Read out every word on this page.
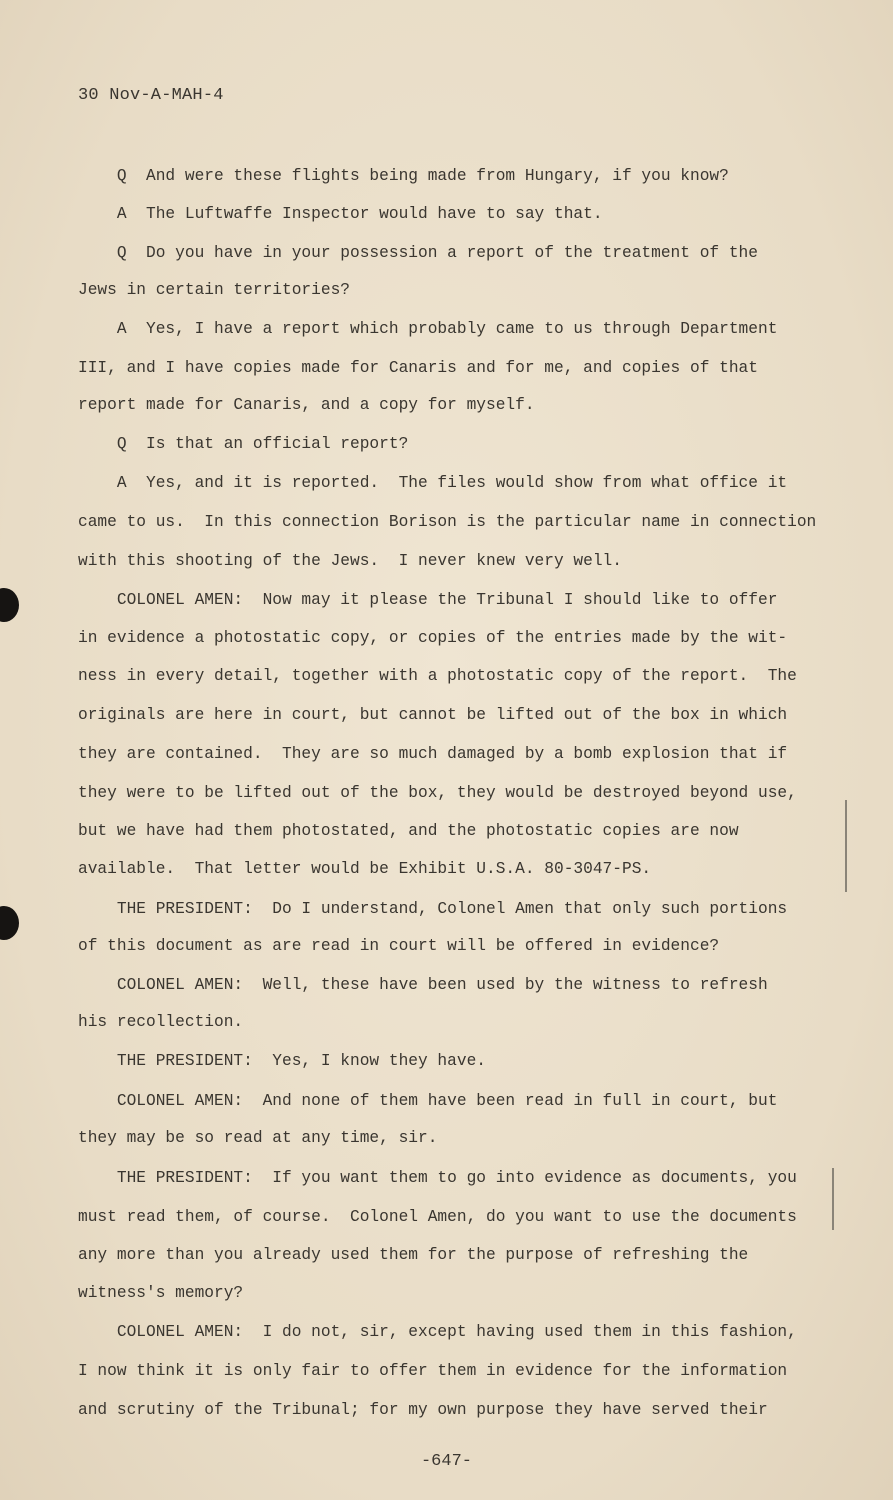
30 Nov-A-MAH-4
Q  And were these flights being made from Hungary, if you know?
A  The Luftwaffe Inspector would have to say that.
Q  Do you have in your possession a report of the treatment of the
Jews in certain territories?
A  Yes, I have a report which probably came to us through Department
III, and I have copies made for Canaris and for me, and copies of that
report made for Canaris, and a copy for myself.
Q  Is that an official report?
A  Yes, and it is reported.  The files would show from what office it
came to us.  In this connection Borison is the particular name in connection
with this shooting of the Jews.  I never knew very well.
COLONEL AMEN:  Now may it please the Tribunal I should like to offer
in evidence a photostatic copy, or copies of the entries made by the wit-
ness in every detail, together with a photostatic copy of the report.  The
originals are here in court, but cannot be lifted out of the box in which
they are contained.  They are so much damaged by a bomb explosion that if
they were to be lifted out of the box, they would be destroyed beyond use,
but we have had them photostated, and the photostatic copies are now
available.  That letter would be Exhibit U.S.A. 80-3047-PS.
THE PRESIDENT:  Do I understand, Colonel Amen that only such portions
of this document as are read in court will be offered in evidence?
COLONEL AMEN:  Well, these have been used by the witness to refresh
his recollection.
THE PRESIDENT:  Yes, I know they have.
COLONEL AMEN:  And none of them have been read in full in court, but
they may be so read at any time, sir.
THE PRESIDENT:  If you want them to go into evidence as documents, you
must read them, of course.  Colonel Amen, do you want to use the documents
any more than you already used them for the purpose of refreshing the
witness's memory?
COLONEL AMEN:  I do not, sir, except having used them in this fashion,
I now think it is only fair to offer them in evidence for the information
and scrutiny of the Tribunal; for my own purpose they have served their
-647-
